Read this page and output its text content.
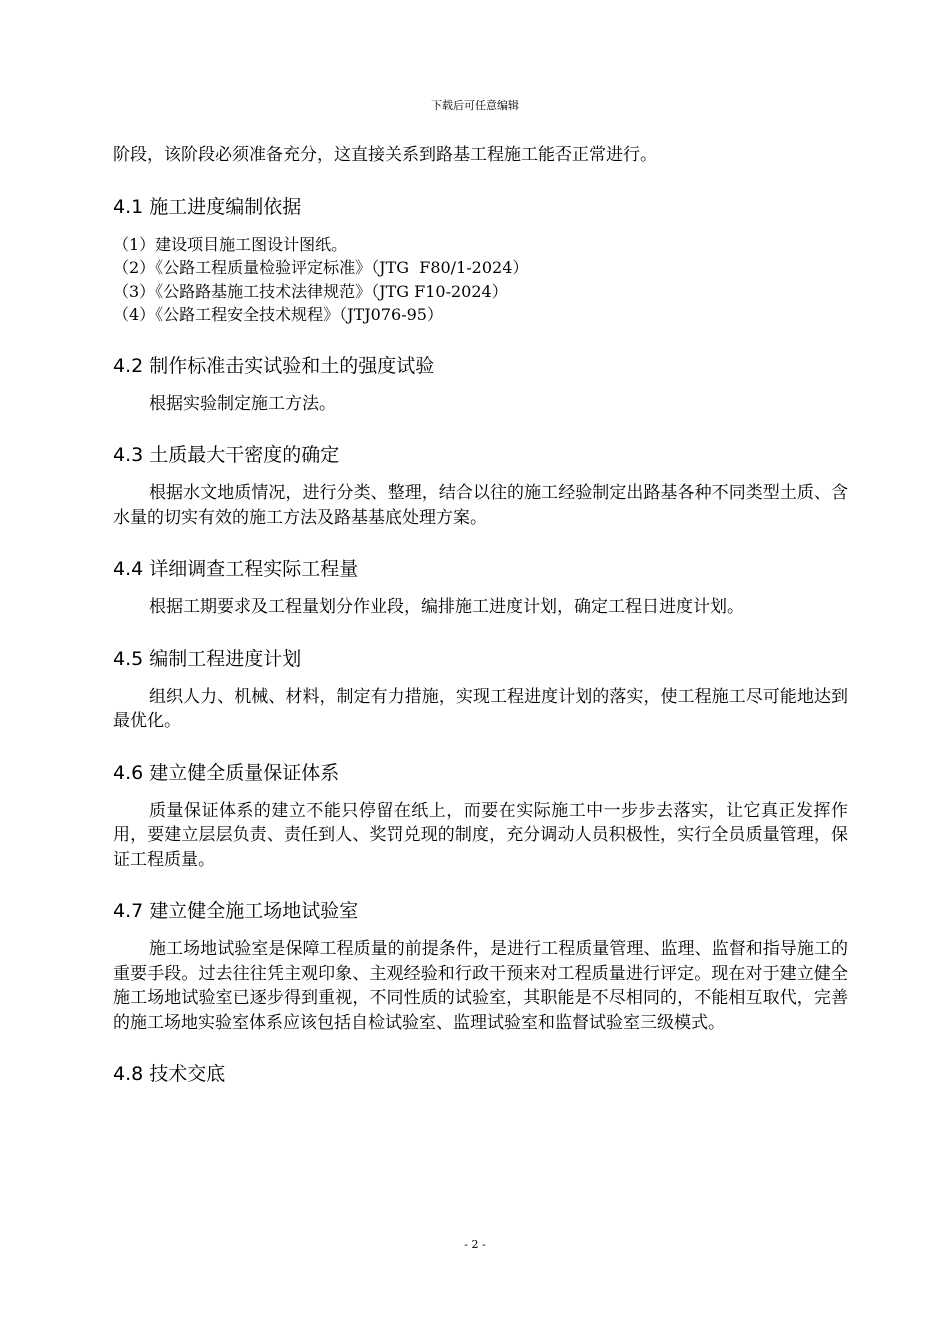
下载后可任意编辑

阶段，该阶段必须准备充分，这直接关系到路基工程施工能否正常进行。

4.1 施工进度编制依据

（1）建设项目施工图设计图纸。

（2）《公路工程质量检验评定标准》（JTG  F80/1-2024）

（3）《公路路基施工技术法律规范》（JTG F10-2024）

（4）《公路工程安全技术规程》（JTJ076-95）

4.2 制作标准击实试验和土的强度试验

根据实验制定施工方法。

4.3 土质最大干密度的确定

根据水文地质情况，进行分类、整理，结合以往的施工经验制定出路基各种不同类型土质、含水量的切实有效的施工方法及路基基底处理方案。

4.4 详细调查工程实际工程量

根据工期要求及工程量划分作业段，编排施工进度计划，确定工程日进度计划。

4.5 编制工程进度计划

组织人力、机械、材料，制定有力措施，实现工程进度计划的落实，使工程施工尽可能地达到最优化。

4.6 建立健全质量保证体系

质量保证体系的建立不能只停留在纸上，而要在实际施工中一步步去落实，让它真正发挥作用，要建立层层负责、责任到人、奖罚兑现的制度，充分调动人员积极性，实行全员质量管理，保证工程质量。

4.7 建立健全施工场地试验室

施工场地试验室是保障工程质量的前提条件，是进行工程质量管理、监理、监督和指导施工的重要手段。过去往往凭主观印象、主观经验和行政干预来对工程质量进行评定。现在对于建立健全施工场地试验室已逐步得到重视，不同性质的试验室，其职能是不尽相同的，不能相互取代，完善的施工场地实验室体系应该包括自检试验室、监理试验室和监督试验室三级模式。

4.8 技术交底
- 2 -
